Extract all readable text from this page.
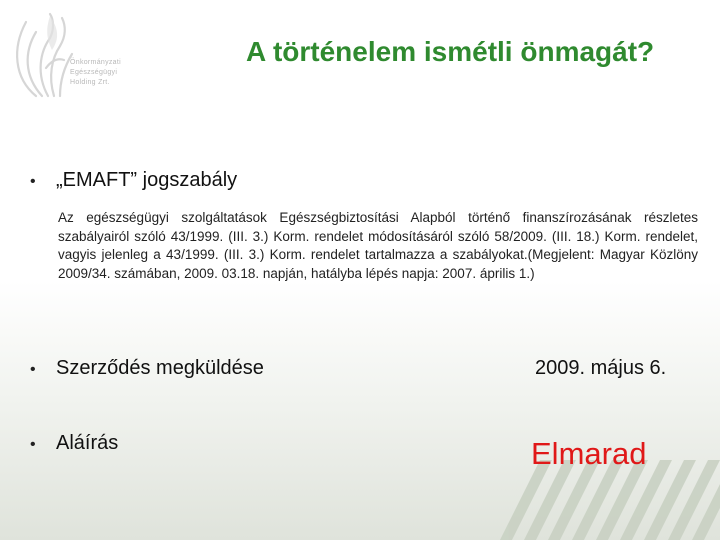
Önkormányzati
Egészségügyi
Holding Zrt.
A történelem ismétli önmagát?
•	„EMAFT” jogszabály

Az egészségügyi szolgáltatások Egészségbiztosítási Alapból történő finanszírozásának részletes szabályairól szóló 43/1999. (III. 3.) Korm. rendelet módosításáról szóló 58/2009. (III. 18.) Korm. rendelet, vagyis jelenleg a 43/1999. (III. 3.) Korm. rendelet tartalmazza a szabályokat.(Megjelent: Magyar Közlöny 2009/34. számában, 2009. 03.18. napján, hatályba lépés napja: 2007. április 1.)

•	Szerződés megküldése	2009. május 6.
•	Aláírás	Elmarad
